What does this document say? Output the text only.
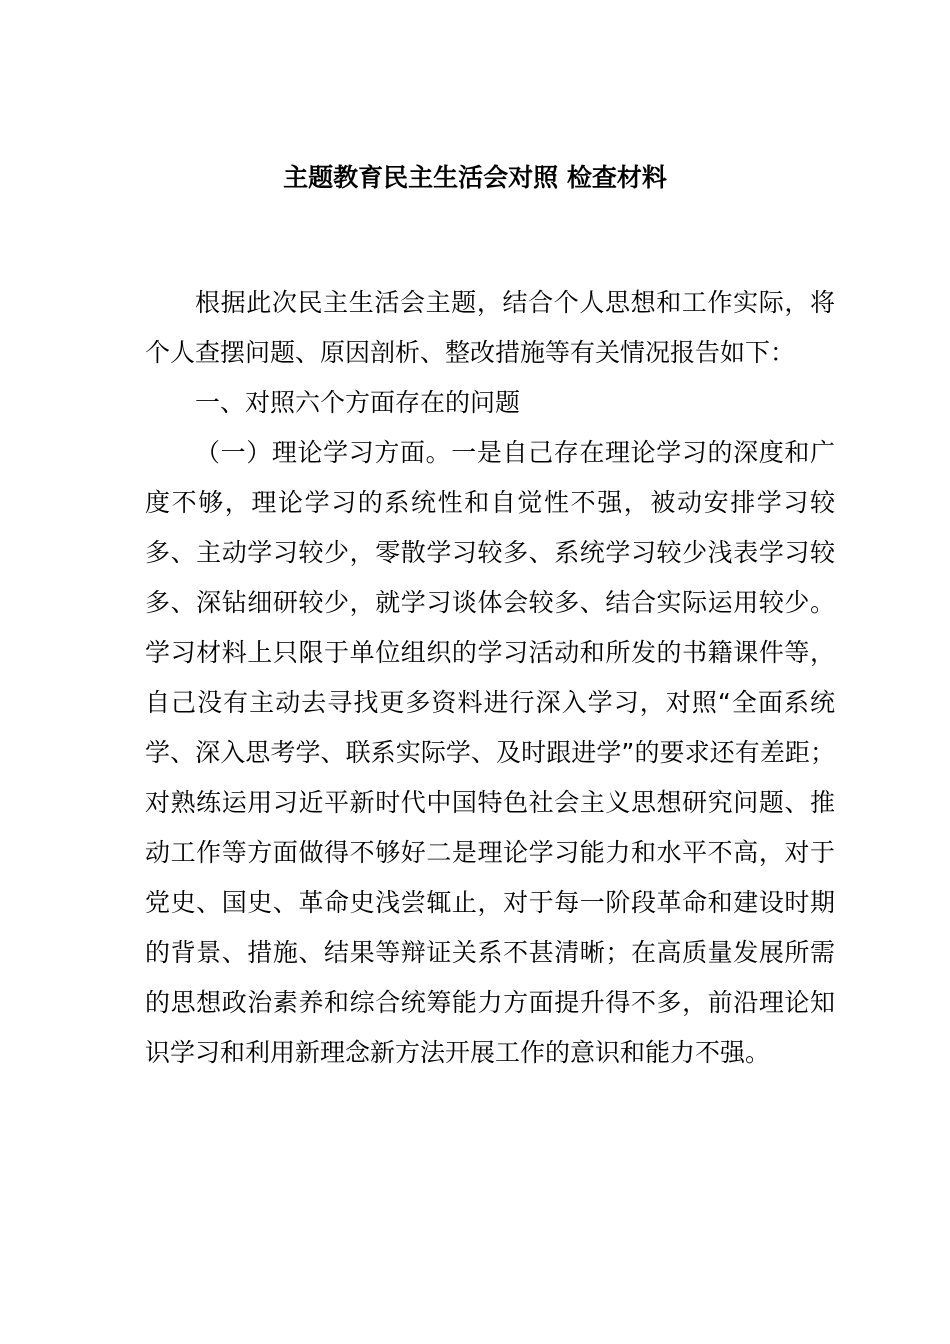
主题教育民主生活会对照 检查材料

根据此次民主生活会主题，结合个人思想和工作实际，将个人查摆问题、原因剖析、整改措施等有关情况报告如下：

一、对照六个方面存在的问题

（一）理论学习方面。一是自己存在理论学习的深度和广度不够，理论学习的系统性和自觉性不强，被动安排学习较多、主动学习较少，零散学习较多、系统学习较少浅表学习较多、深钻细研较少，就学习谈体会较多、结合实际运用较少。学习材料上只限于单位组织的学习活动和所发的书籍课件等，自己没有主动去寻找更多资料进行深入学习，对照“全面系统学、深入思考学、联系实际学、及时跟进学”的要求还有差距；对熟练运用习近平新时代中国特色社会主义思想研究问题、推动工作等方面做得不够好二是理论学习能力和水平不高，对于党史、国史、革命史浅尝辄止，对于每一阶段革命和建设时期的背景、措施、结果等辩证关系不甚清晰；在高质量发展所需的思想政治素养和综合统筹能力方面提升得不多，前沿理论知识学习和利用新理念新方法开展工作的意识和能力不强。
